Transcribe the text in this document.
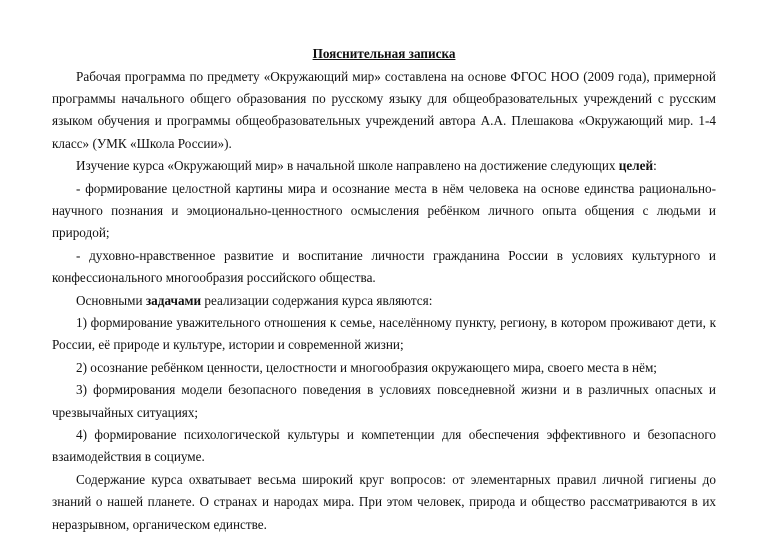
Пояснительная записка

Рабочая программа по предмету «Окружающий мир» составлена на основе ФГОС НОО (2009 года), примерной программы начального общего образования по русскому языку для общеобразовательных учреждений с русским языком обучения и программы общеобразовательных учреждений автора А.А. Плешакова «Окружающий мир. 1-4 класс» (УМК «Школа России»).

Изучение курса «Окружающий мир» в начальной школе направлено на достижение следующих целей:

- формирование целостной картины мира и осознание места в нём человека на основе единства рационально-научного познания и эмоционально-ценностного осмысления ребёнком личного опыта общения с людьми и природой;

- духовно-нравственное развитие и воспитание личности гражданина России в условиях культурного и конфессионального многообразия российского общества.

Основными задачами реализации содержания курса являются:

1) формирование уважительного отношения к семье, населённому пункту, региону, в котором проживают дети, к России, её природе и культуре, истории и современной жизни;

2) осознание ребёнком ценности, целостности и многообразия окружающего мира, своего места в нём;

3) формирования модели безопасного поведения в условиях повседневной жизни и в различных опасных и чрезвычайных ситуациях;

4) формирование психологической культуры и компетенции для обеспечения эффективного и безопасного взаимодействия в социуме.

Содержание курса охватывает весьма широкий круг вопросов: от элементарных правил личной гигиены до знаний о нашей планете. О странах и народах мира. При этом человек, природа и общество рассматриваются в их неразрывном, органическом единстве.
